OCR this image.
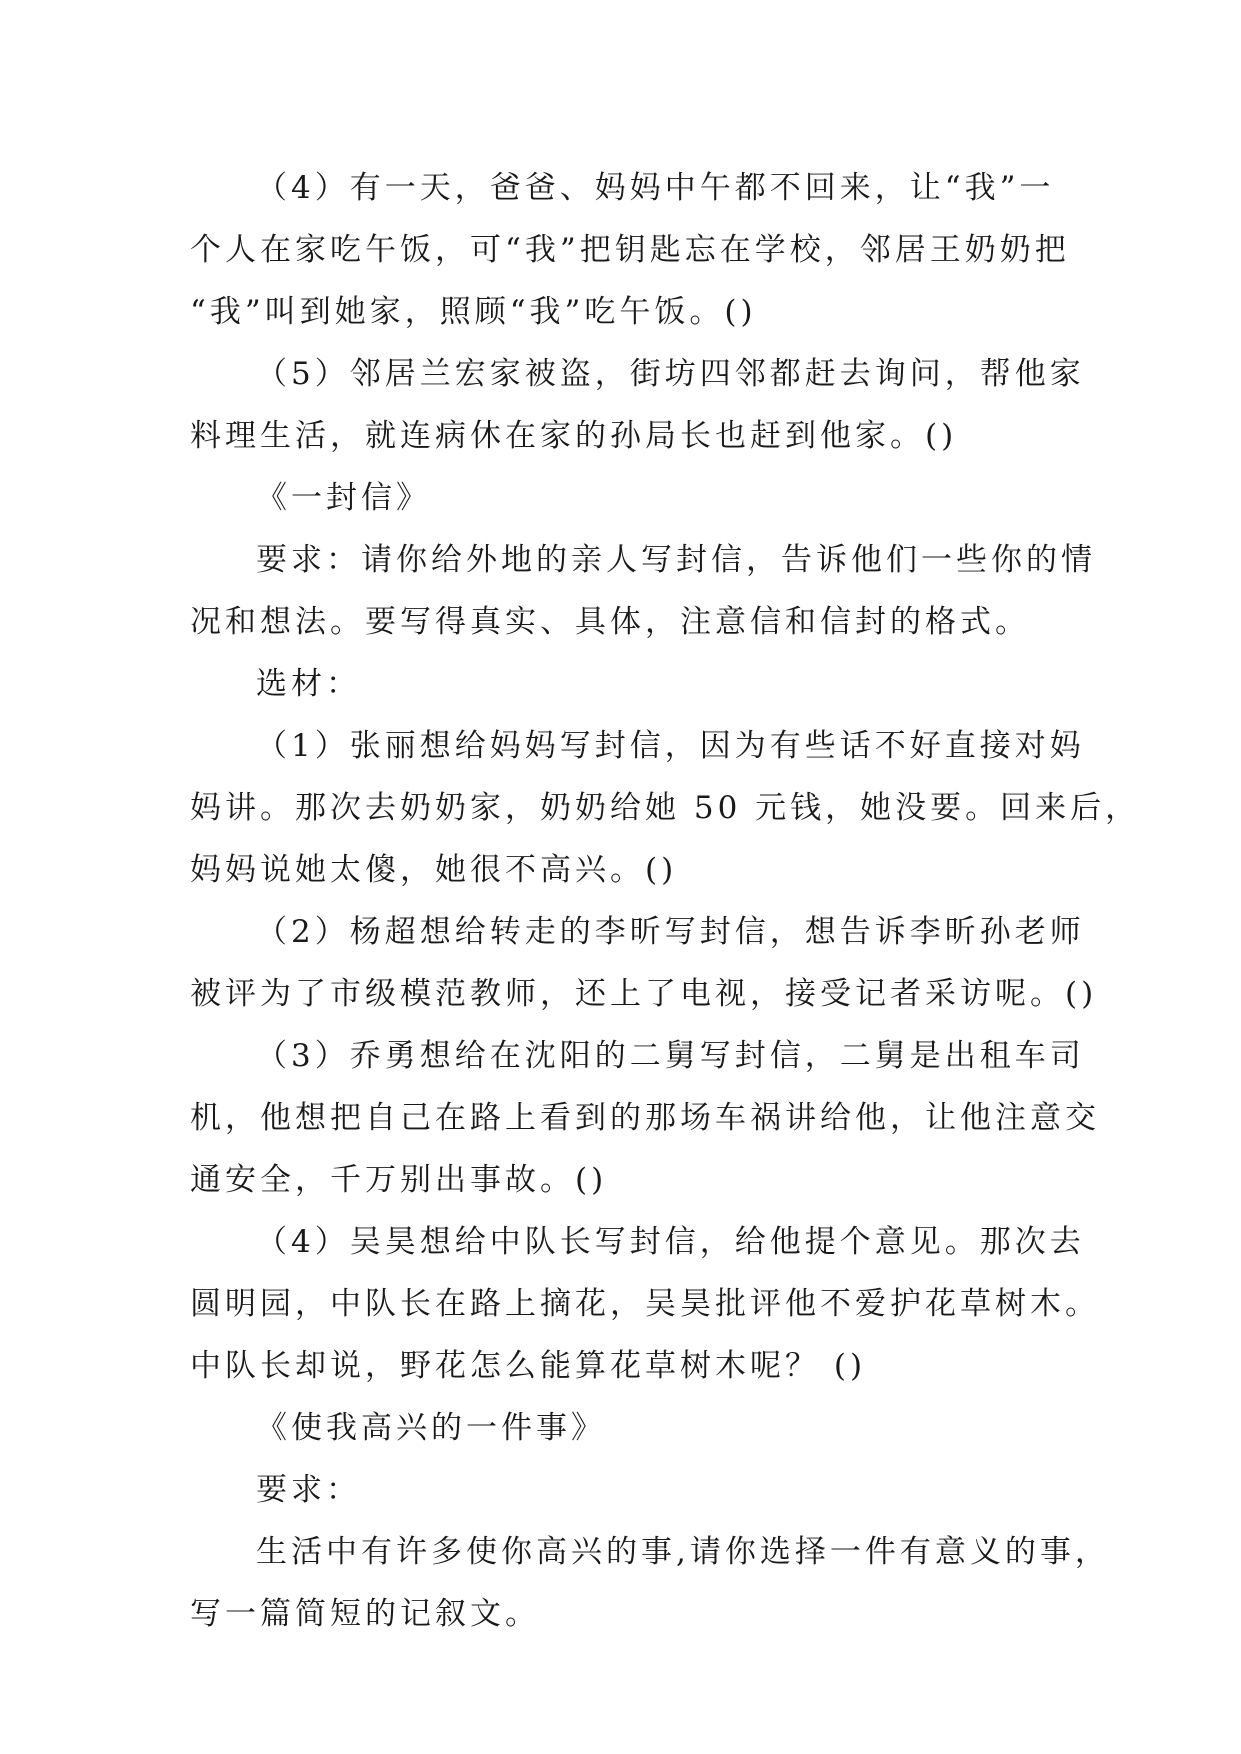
（4）有一天，爸爸、妈妈中午都不回来，让“我”一
个人在家吃午饭，可“我”把钥匙忘在学校，邻居王奶奶把
“我”叫到她家，照顾“我”吃午饭。()
（5）邻居兰宏家被盗，街坊四邻都赶去询问，帮他家
料理生活，就连病休在家的孙局长也赶到他家。()
《一封信》
要求：请你给外地的亲人写封信，告诉他们一些你的情
况和想法。要写得真实、具体，注意信和信封的格式。
选材：
（1）张丽想给妈妈写封信，因为有些话不好直接对妈
妈讲。那次去奶奶家，奶奶给她 50 元钱，她没要。回来后，
妈妈说她太傻，她很不高兴。()
（2）杨超想给转走的李昕写封信，想告诉李昕孙老师
被评为了市级模范教师，还上了电视，接受记者采访呢。()
（3）乔勇想给在沈阳的二舅写封信，二舅是出租车司
机，他想把自己在路上看到的那场车祸讲给他，让他注意交
通安全，千万别出事故。()
（4）吴昊想给中队长写封信，给他提个意见。那次去
圆明园，中队长在路上摘花，吴昊批评他不爱护花草树木。
中队长却说，野花怎么能算花草树木呢？ ()
《使我高兴的一件事》
要求：
生活中有许多使你高兴的事,请你选择一件有意义的事，
写一篇简短的记叙文。
